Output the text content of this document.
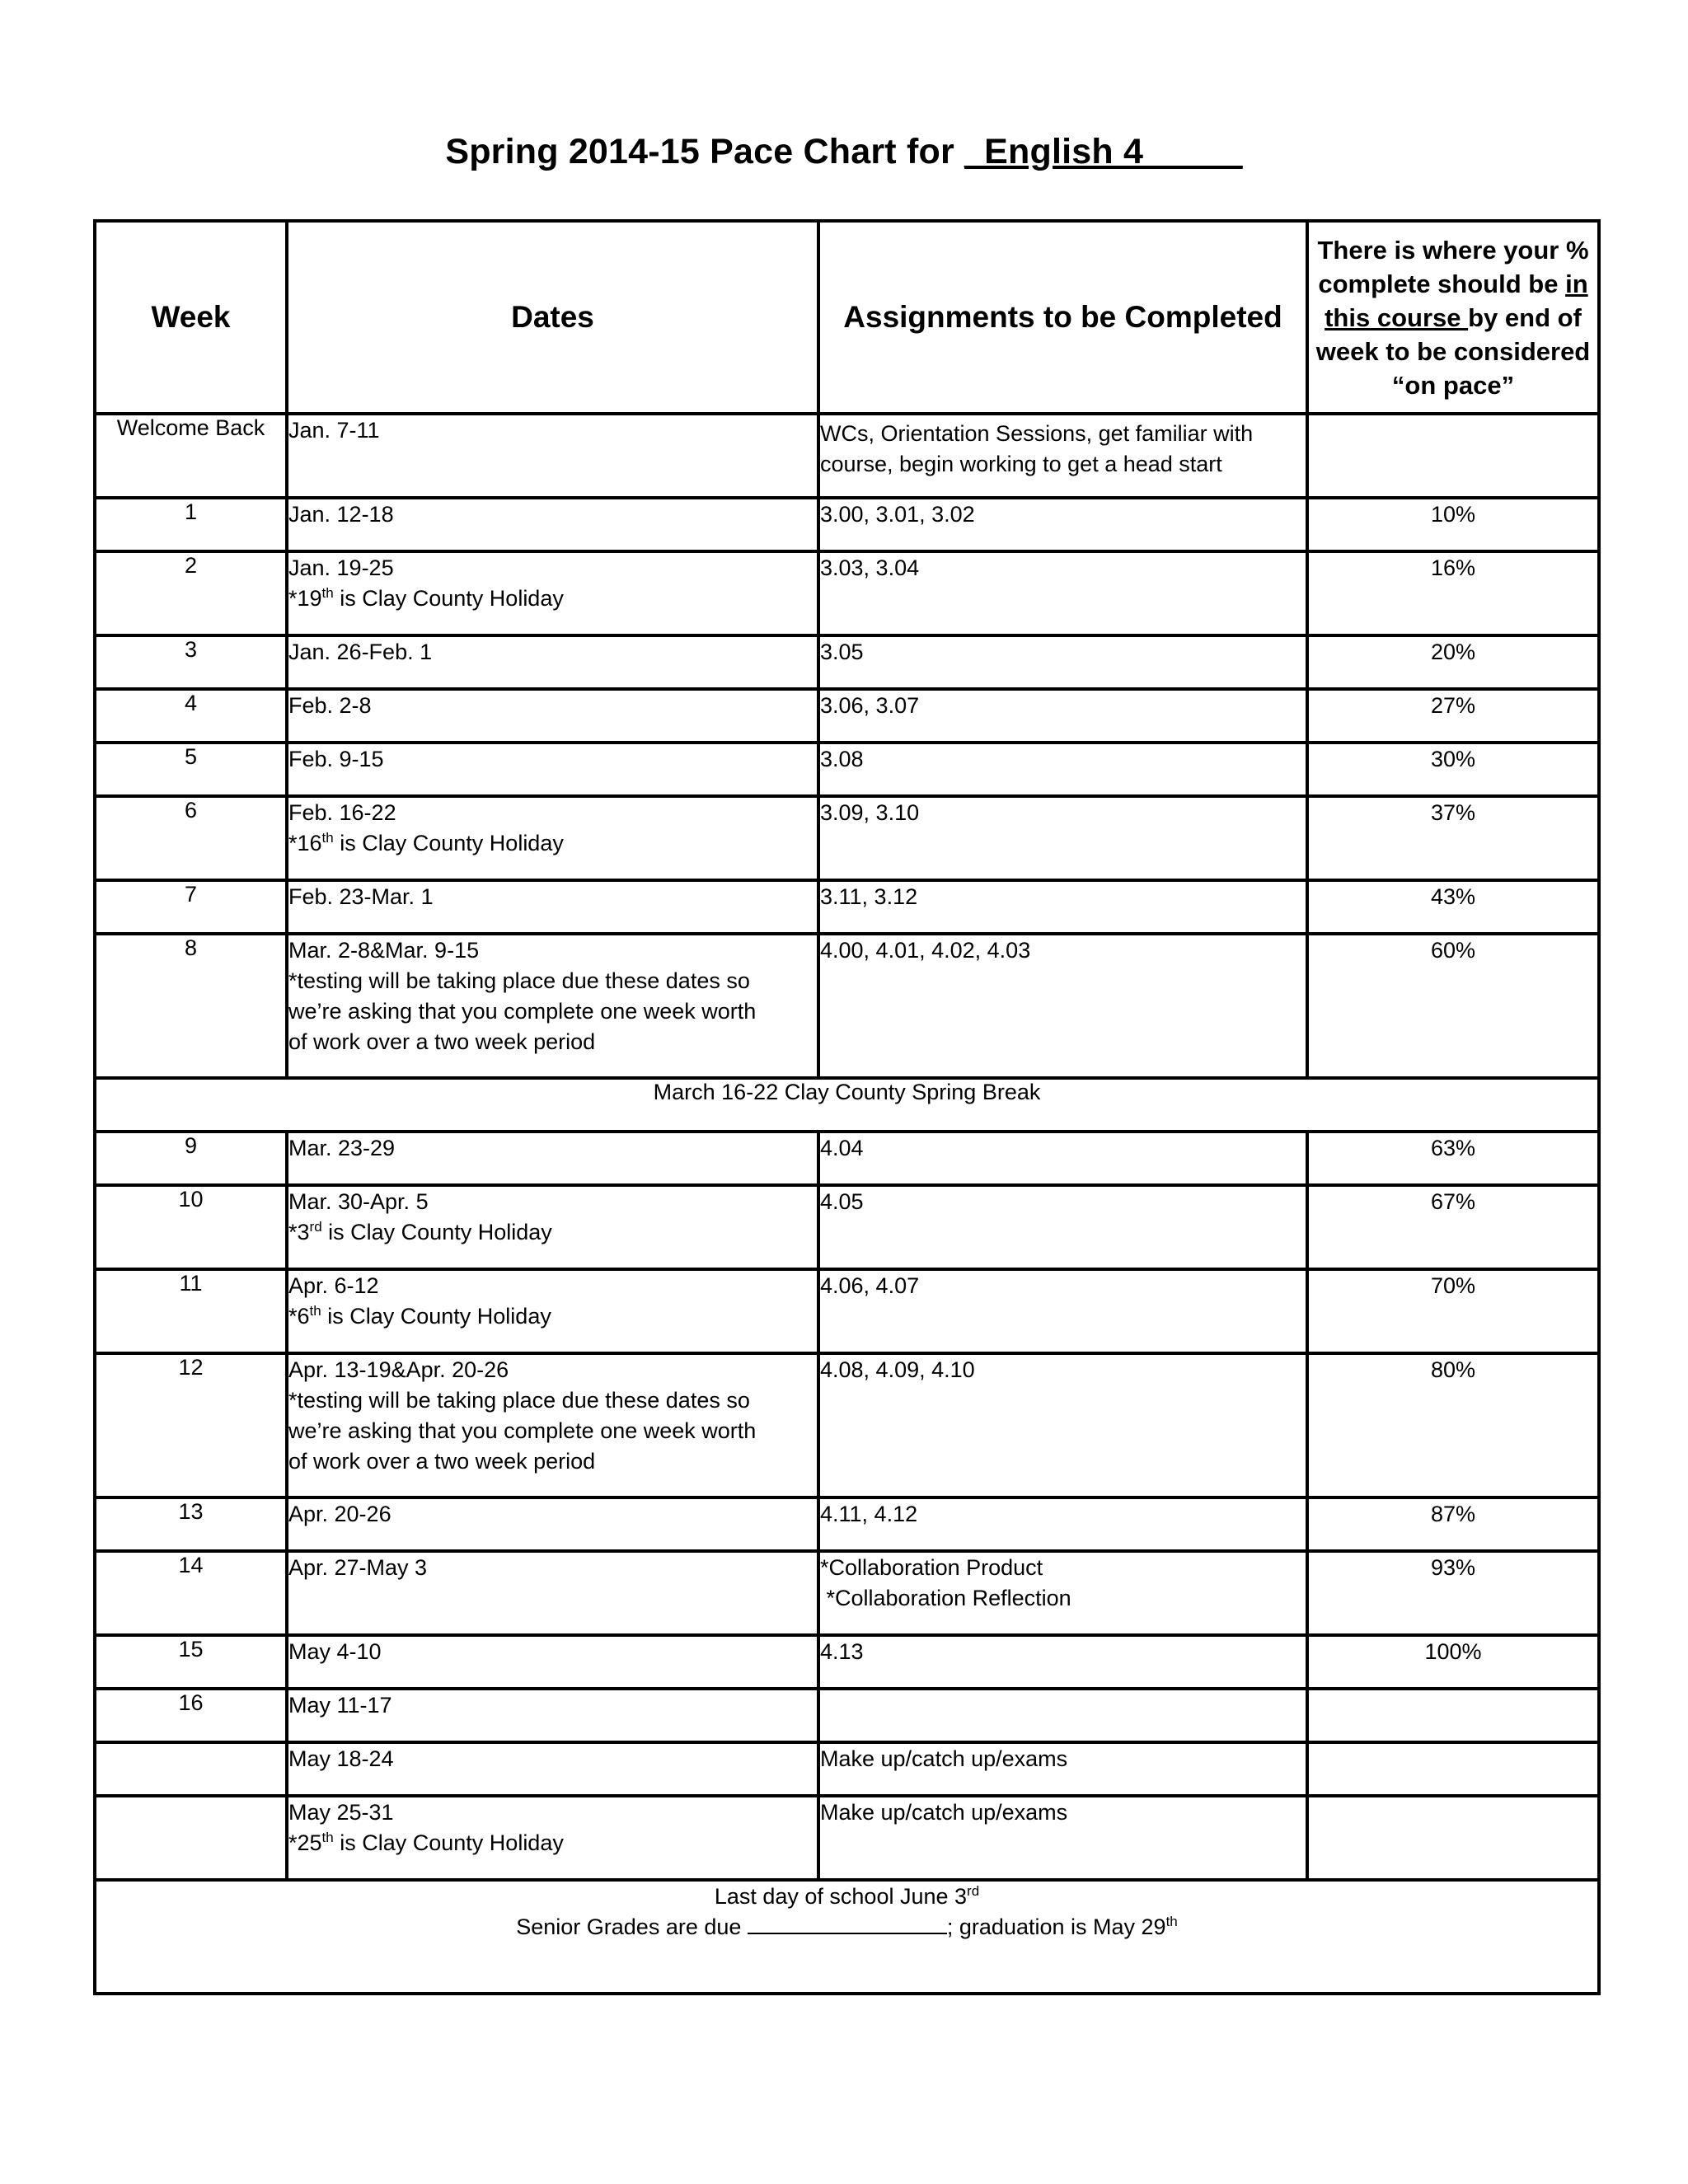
Spring 2014-15 Pace Chart for _English 4_____
Week	Dates	Assignments to be Completed	There is where your %
complete should be in
this course by end of
week to be considered
“on pace”

Welcome Back	Jan. 7-11	WCs, Orientation Sessions, get familiar with
course, begin working to get a head start	

1	Jan. 12-18	3.00, 3.01, 3.02	10%
2	Jan. 19-25
*19th is Clay County Holiday	3.03, 3.04	16%
3	Jan. 26-Feb. 1	3.05	20%
4	Feb. 2-8	3.06, 3.07	27%
5	Feb. 9-15	3.08	30%
6	Feb. 16-22
*16th is Clay County Holiday	3.09, 3.10	37%
7	Feb. 23-Mar. 1	3.11, 3.12	43%
8	Mar. 2-8&Mar. 9-15
*testing will be taking place due these dates so
we’re asking that you complete one week worth
of work over a two week period	4.00, 4.01, 4.02, 4.03	60%
March 16-22 Clay County Spring Break			
9	Mar. 23-29	4.04	63%
10	Mar. 30-Apr. 5
*3rd is Clay County Holiday	4.05	67%
11	Apr. 6-12
*6th is Clay County Holiday	4.06, 4.07	70%
12	Apr. 13-19&Apr. 20-26
*testing will be taking place due these dates so
we’re asking that you complete one week worth
of work over a two week period	4.08, 4.09, 4.10	80%
13	Apr. 20-26	4.11, 4.12	87%
14	Apr. 27-May 3	*Collaboration Product
*Collaboration Reflection	93%
15	May 4-10	4.13	100%
16	May 11-17		
	May 18-24	Make up/catch up/exams	

	May 25-31
*25th is Clay County Holiday	Make up/catch up/exams	

Last day of school June 3rd
Senior Grades are due ; graduation is May 29th
